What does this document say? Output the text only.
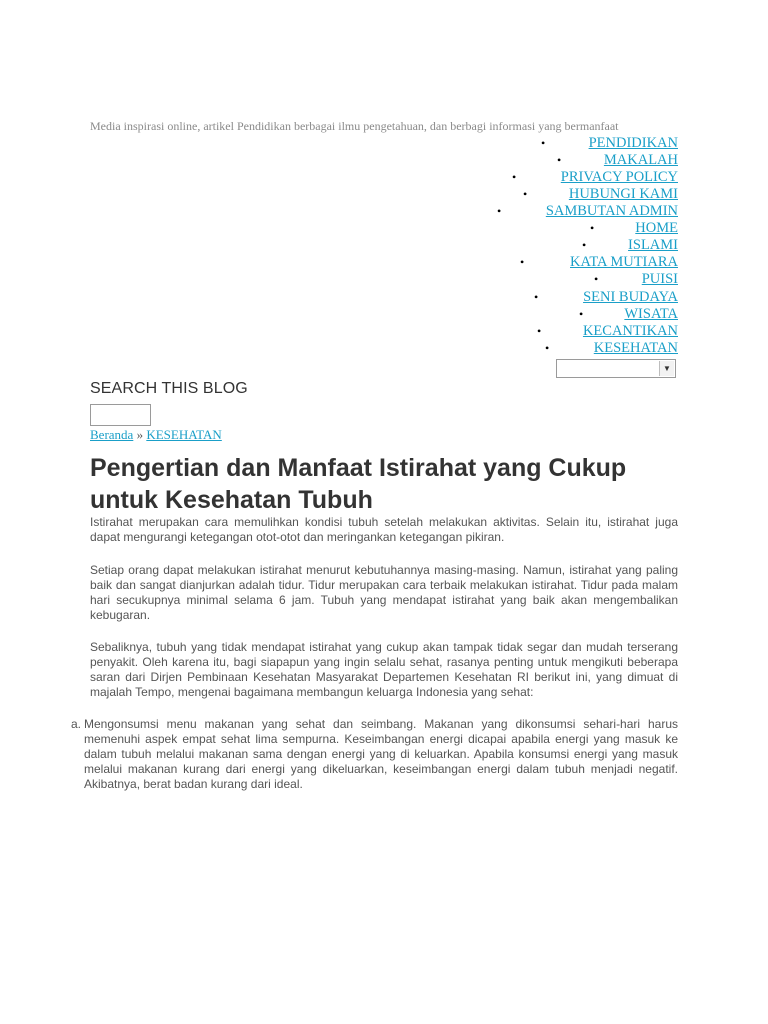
Media inspirasi online, artikel Pendidikan berbagai ilmu pengetahuan, dan berbagi informasi yang bermanfaat
•	PENDIDIKAN
•	MAKALAH
•	PRIVACY POLICY
•	HUBUNGI KAMI
•	SAMBUTAN ADMIN
•	HOME
•	ISLAMI
•	KATA MUTIARA
•	PUISI
•	SENI BUDAYA
•	WISATA
•	KECANTIKAN
•	KESEHATAN
▼
SEARCH THIS BLOG
Beranda » KESEHATAN
Pengertian dan Manfaat Istirahat yang Cukup untuk Kesehatan Tubuh

Istirahat merupakan cara memulihkan kondisi tubuh setelah melakukan aktivitas. Selain itu, istirahat juga dapat mengurangi ketegangan otot-otot dan meringankan ketegangan pikiran.

Setiap orang dapat melakukan istirahat menurut kebutuhannya masing-masing. Namun, istirahat yang paling baik dan sangat dianjurkan adalah tidur. Tidur merupakan cara terbaik melakukan istirahat. Tidur pada malam hari secukupnya minimal selama 6 jam. Tubuh yang mendapat istirahat yang baik akan mengembalikan kebugaran.

Sebaliknya, tubuh yang tidak mendapat istirahat yang cukup akan tampak tidak segar dan mudah terserang penyakit. Oleh karena itu, bagi siapapun yang ingin selalu sehat, rasanya penting untuk mengikuti beberapa saran dari Dirjen Pembinaan Kesehatan Masyarakat Departemen Kesehatan RI berikut ini, yang dimuat di majalah Tempo, mengenai bagaimana membangun keluarga Indonesia yang sehat:

a. Mengonsumsi menu makanan yang sehat dan seimbang. Makanan yang dikonsumsi sehari-hari harus memenuhi aspek empat sehat lima sempurna. Keseimbangan energi dicapai apabila energi yang masuk ke dalam tubuh melalui makanan sama dengan energi yang di keluarkan. Apabila konsumsi energi yang masuk melalui makanan kurang dari energi yang dikeluarkan, keseimbangan energi dalam tubuh menjadi negatif. Akibatnya, berat badan kurang dari ideal.
